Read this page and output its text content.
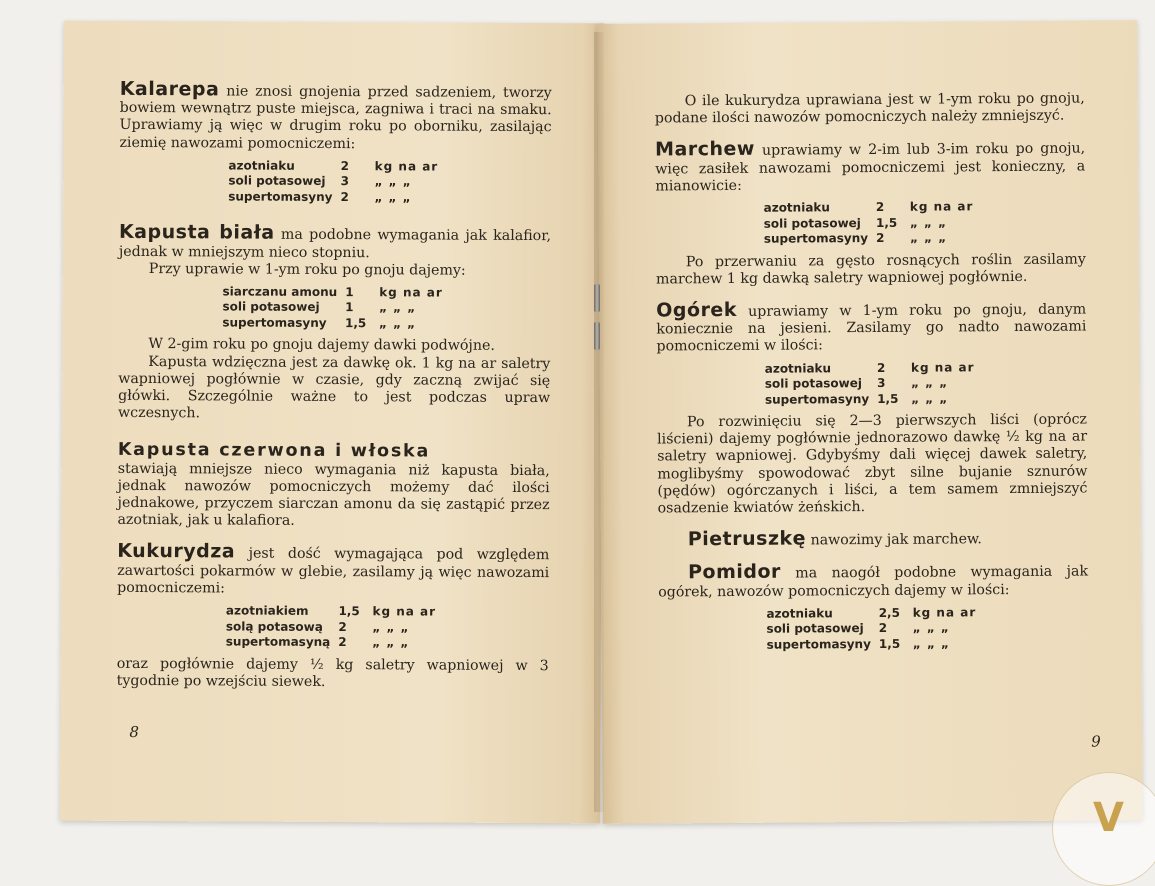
Kalarepa nie znosi gnojenia przed sadzeniem, tworzy bowiem wewnątrz puste miejsca, zagniwa i traci na smaku. Uprawiamy ją więc w drugim roku po oborniku, zasilając ziemię nawozami pomocniczemi:

azotniaku	2	kg na ar
soli potasowej	3	„ „ „
supertomasyny	2	„ „ „

Kapusta biała ma podobne wymagania jak kalafior, jednak w mniejszym nieco stopniu.

Przy uprawie w 1-ym roku po gnoju dajemy:

siarczanu amonu	1	kg na ar
soli potasowej	1	„ „ „
supertomasyny	1,5	„ „ „

W 2-gim roku po gnoju dajemy dawki podwójne.

Kapusta wdzięczna jest za dawkę ok. 1 kg na ar saletry wapniowej pogłównie w czasie, gdy zaczną zwijać się główki. Szczególnie ważne to jest podczas upraw wczesnych.

Kapusta czerwona i włoska

stawiają mniejsze nieco wymagania niż kapusta biała, jednak nawozów pomocniczych możemy dać ilości jednakowe, przyczem siarczan amonu da się zastąpić przez azotniak, jak u kalafiora.

Kukurydza jest dość wymagająca pod względem zawartości pokarmów w glebie, zasilamy ją więc nawozami pomocniczemi:

azotniakiem	1,5	kg na ar
solą potasową	2	„ „ „
supertomasyną	2	„ „ „

oraz pogłównie dajemy ½ kg saletry wapniowej w 3 tygodnie po wzejściu siewek.

8

O ile kukurydza uprawiana jest w 1-ym roku po gnoju, podane ilości nawozów pomocniczych należy zmniejszyć.

Marchew uprawiamy w 2-im lub 3-im roku po gnoju, więc zasiłek nawozami pomocniczemi jest konieczny, a mianowicie:

azotniaku	2	kg na ar
soli potasowej	1,5	„ „ „
supertomasyny	2	„ „ „

Po przerwaniu za gęsto rosnących roślin zasilamy marchew 1 kg dawką saletry wapniowej pogłównie.

Ogórek uprawiamy w 1-ym roku po gnoju, danym koniecznie na jesieni. Zasilamy go nadto nawozami pomocniczemi w ilości:

azotniaku	2	kg na ar
soli potasowej	3	„ „ „
supertomasyny	1,5	„ „ „

Po rozwinięciu się 2—3 pierwszych liści (oprócz liścieni) dajemy pogłównie jednorazowo dawkę ½ kg na ar saletry wapniowej. Gdybyśmy dali więcej dawek saletry, moglibyśmy spowodować zbyt silne bujanie sznurów (pędów) ogórczanych i liści, a tem samem zmniejszyć osadzenie kwiatów żeńskich.

Pietruszkę nawozimy jak marchew.

Pomidor ma naogół podobne wymagania jak ogórek, nawozów pomocniczych dajemy w ilości:

azotniaku	2,5	kg na ar
soli potasowej	2	„ „ „
supertomasyny	1,5	„ „ „
9
V
